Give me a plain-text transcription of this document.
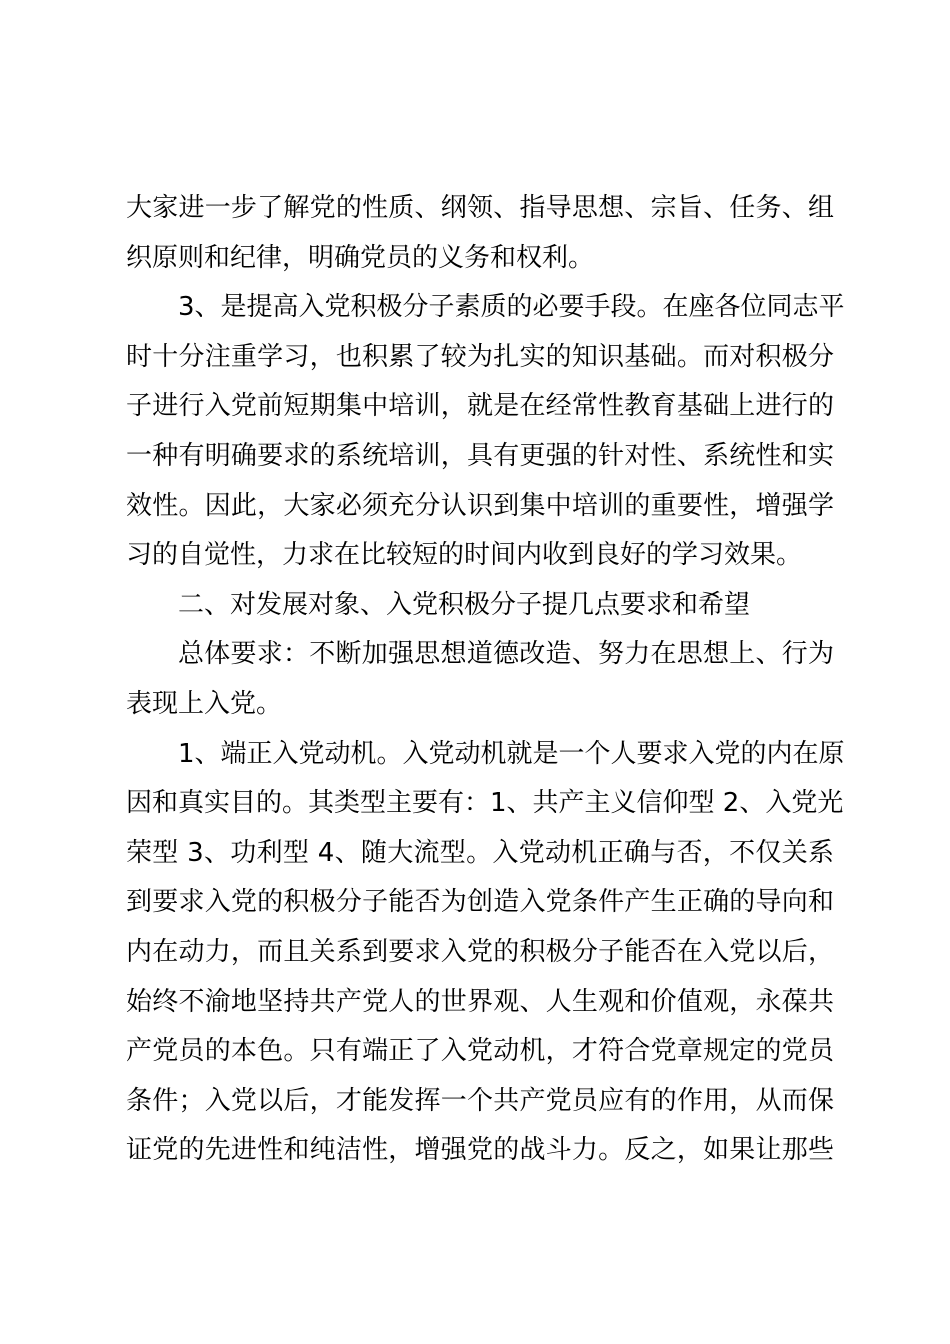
大家进一步了解党的性质、纲领、指导思想、宗旨、任务、组
织原则和纪律，明确党员的义务和权利。
3、是提高入党积极分子素质的必要手段。在座各位同志平
时十分注重学习，也积累了较为扎实的知识基础。而对积极分
子进行入党前短期集中培训，就是在经常性教育基础上进行的
一种有明确要求的系统培训，具有更强的针对性、系统性和实
效性。因此，大家必须充分认识到集中培训的重要性，增强学
习的自觉性，力求在比较短的时间内收到良好的学习效果。
二、对发展对象、入党积极分子提几点要求和希望
总体要求：不断加强思想道德改造、努力在思想上、行为
表现上入党。
1、端正入党动机。入党动机就是一个人要求入党的内在原
因和真实目的。其类型主要有：1、共产主义信仰型 2、入党光
荣型 3、功利型 4、随大流型。入党动机正确与否，不仅关系
到要求入党的积极分子能否为创造入党条件产生正确的导向和
内在动力，而且关系到要求入党的积极分子能否在入党以后，
始终不渝地坚持共产党人的世界观、人生观和价值观，永葆共
产党员的本色。只有端正了入党动机，才符合党章规定的党员
条件；入党以后，才能发挥一个共产党员应有的作用，从而保
证党的先进性和纯洁性，增强党的战斗力。反之，如果让那些
